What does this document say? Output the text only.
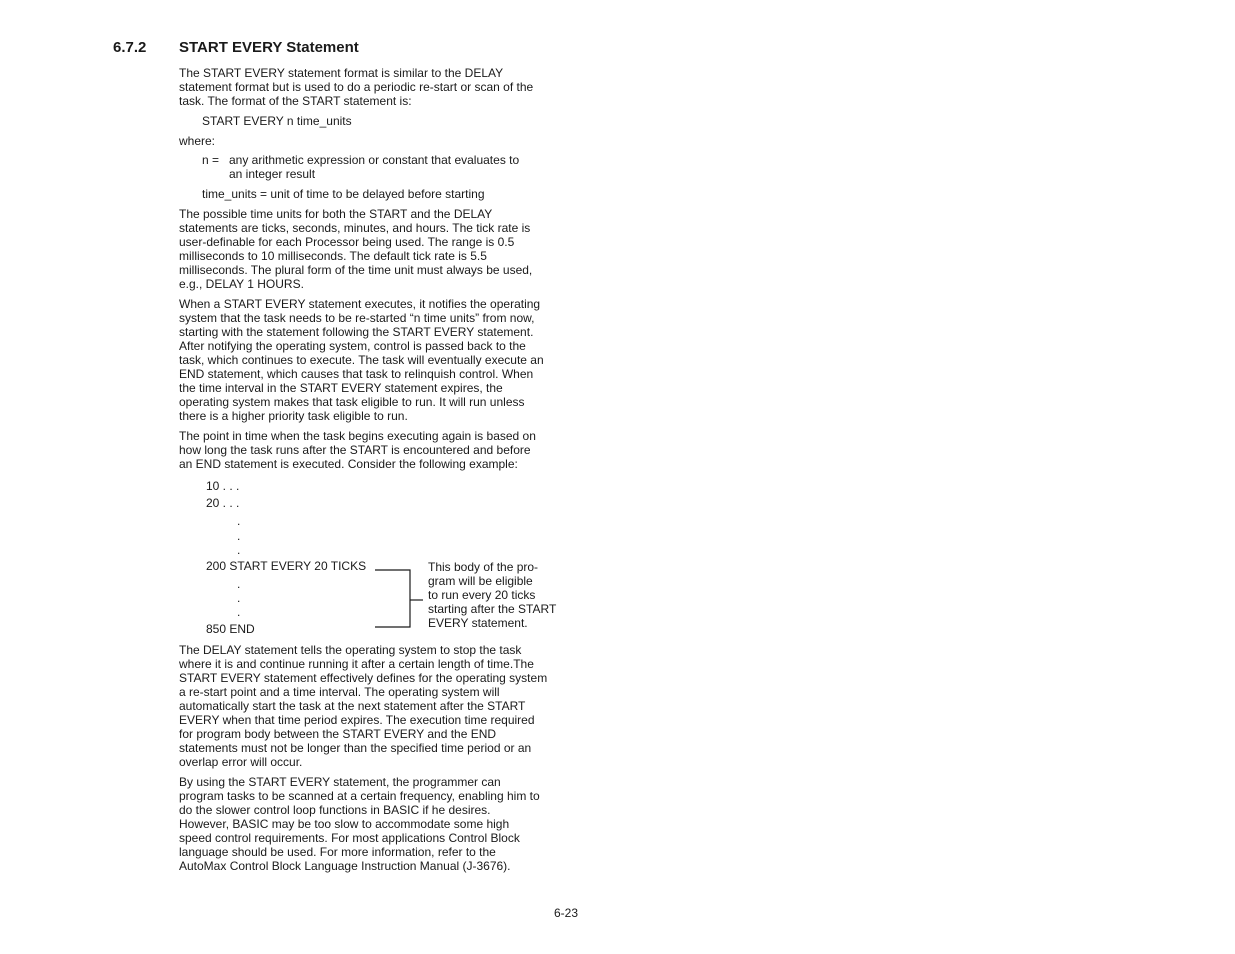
6.7.2 START EVERY Statement

The START EVERY statement format is similar to the DELAY
statement format but is used to do a periodic re-start or scan of the
task. The format of the START statement is:

START EVERY n time_units
where:
n = any arithmetic expression or constant that evaluates to
an integer result
time_units = unit of time to be delayed before starting

The possible time units for both the START and the DELAY
statements are ticks, seconds, minutes, and hours. The tick rate is
user-definable for each Processor being used. The range is 0.5
milliseconds to 10 milliseconds. The default tick rate is 5.5
milliseconds. The plural form of the time unit must always be used,
e.g., DELAY 1 HOURS.

When a START EVERY statement executes, it notifies the operating
system that the task needs to be re-started “n time units” from now,
starting with the statement following the START EVERY statement.
After notifying the operating system, control is passed back to the
task, which continues to execute. The task will eventually execute an
END statement, which causes that task to relinquish control. When
the time interval in the START EVERY statement expires, the
operating system makes that task eligible to run. It will run unless
there is a higher priority task eligible to run.

The point in time when the task begins executing again is based on
how long the task runs after the START is encountered and before
an END statement is executed. Consider the following example:

10 . . .
20 . . .
.
.
.
200 START EVERY 20 TICKS
.
.
.
850 END
This body of the pro-
gram will be eligible
to run every 20 ticks
starting after the START
EVERY statement.

The DELAY statement tells the operating system to stop the task
where it is and continue running it after a certain length of time.The
START EVERY statement effectively defines for the operating system
a re-start point and a time interval. The operating system will
automatically start the task at the next statement after the START
EVERY when that time period expires. The execution time required
for program body between the START EVERY and the END
statements must not be longer than the specified time period or an
overlap error will occur.

By using the START EVERY statement, the programmer can
program tasks to be scanned at a certain frequency, enabling him to
do the slower control loop functions in BASIC if he desires.
However, BASIC may be too slow to accommodate some high
speed control requirements. For most applications Control Block
language should be used. For more information, refer to the
AutoMax Control Block Language Instruction Manual (J-3676).

6-23
